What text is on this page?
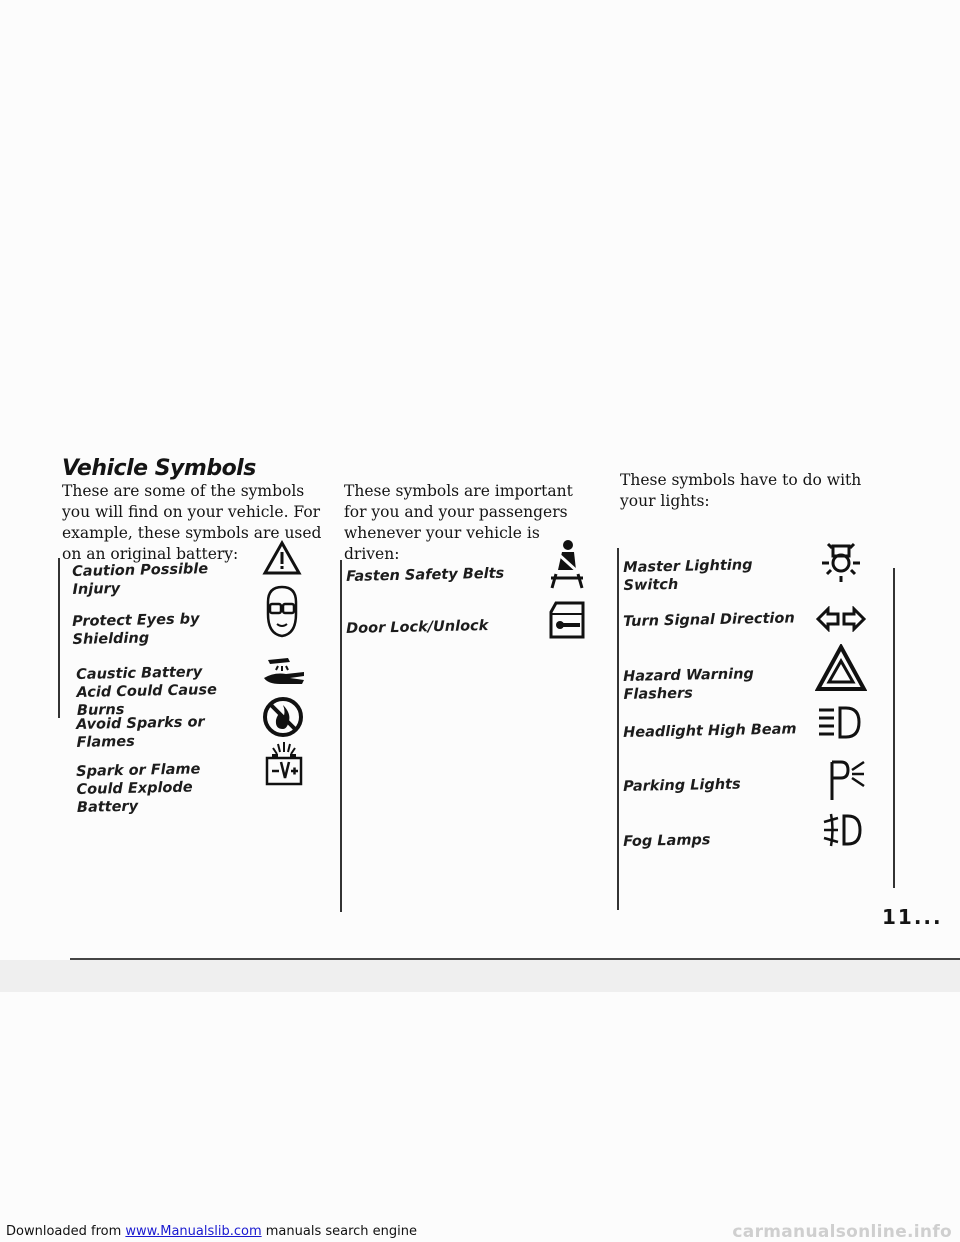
Vehicle Symbols
These are some of the symbols you will find on your vehicle. For example, these symbols are used on an original battery:
Caution Possible Injury
Protect Eyes by Shielding
Caustic Battery Acid Could Cause Burns
Avoid Sparks or Flames
Spark or Flame Could Explode Battery
These symbols are important for you and your passengers whenever your vehicle is driven:
Fasten Safety Belts
Door Lock/Unlock
These symbols have to do with your lights:
Master Lighting Switch
Turn Signal Direction
Hazard Warning Flashers
Headlight High Beam
Parking Lights
Fog Lamps
11...
Downloaded from www.Manualslib.com manuals search engine	carmanualsonline.info
